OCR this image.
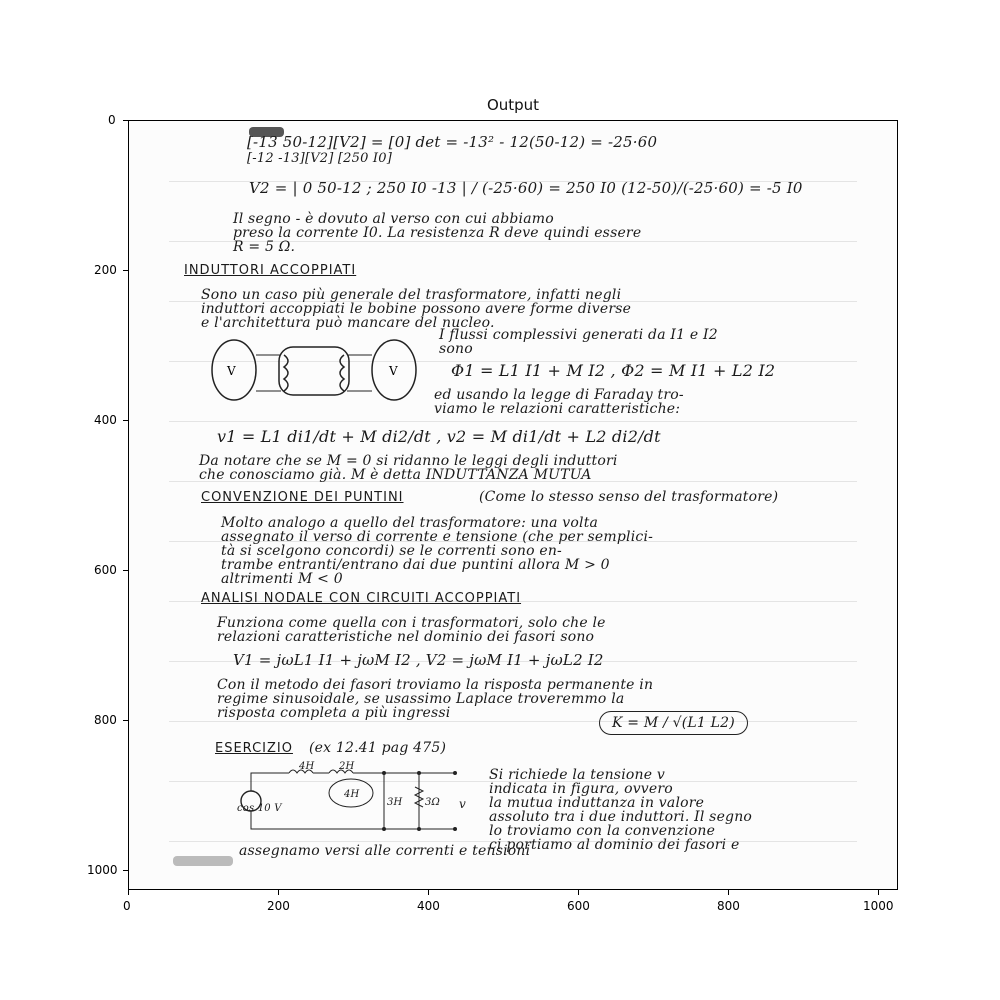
Output
0	200	400	600	800	1000
0
200
400
600
800
1000
[-13 50-12][V2] = [0] det = -13² - 12(50-12) = -25·60
[-12 -13][V2] [250 I0]
V2 = | 0 50-12 ; 250 I0 -13 | / (-25·60) = 250 I0 (12-50)/(-25·60) = -5 I0
Il segno - è dovuto al verso con cui abbiamo
preso la corrente I0. La resistenza R deve quindi essere
R = 5 Ω.
INDUTTORI ACCOPPIATI
Sono un caso più generale del trasformatore, infatti negli
induttori accoppiati le bobine possono avere forme diverse
e l'architettura può mancare del nucleo.
I flussi complessivi generati da I1 e I2
sono
V	V	Φ1 = L1 I1 + M I2 , Φ2 = M I1 + L2 I2
ed usando la legge di Faraday tro-
viamo le relazioni caratteristiche:
v1 = L1 di1/dt + M di2/dt , v2 = M di1/dt + L2 di2/dt
Da notare che se M = 0 si ridanno le leggi degli induttori
che conosciamo già. M è detta INDUTTANZA MUTUA
CONVENZIONE DEI PUNTINI	(Come lo stesso senso del trasformatore)
Molto analogo a quello del trasformatore: una volta
assegnato il verso di corrente e tensione (che per semplici-
tà si scelgono concordi) se le correnti sono en-
trambe entranti/entrano dai due puntini allora M > 0
altrimenti M < 0
ANALISI NODALE CON CIRCUITI ACCOPPIATI
Funziona come quella con i trasformatori, solo che le
relazioni caratteristiche nel dominio dei fasori sono
V1 = jωL1 I1 + jωM I2 , V2 = jωM I1 + jωL2 I2
Con il metodo dei fasori troviamo la risposta permanente in
regime sinusoidale, se usassimo Laplace troveremmo la
risposta completa a più ingressi
K = M / √(L1 L2)
ESERCIZIO (ex 12.41 pag 475)
cos 10 V
4H 2H
4H
3H 3Ω v
Si richiede la tensione v
indicata in figura, ovvero
la mutua induttanza in valore
assoluto tra i due induttori. Il segno
lo troviamo con la convenzione
ci portiamo al dominio dei fasori e
assegnamo versi alle correnti e tensioni
